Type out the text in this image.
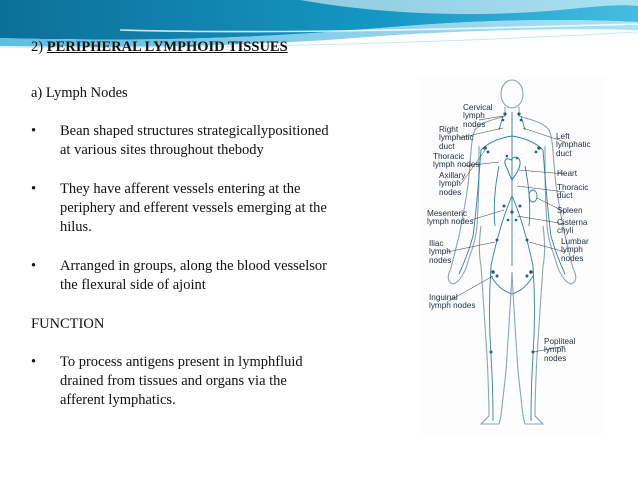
2) PERIPHERAL LYMPHOID TISSUES
a) Lymph Nodes
• Bean shaped structures strategicallypositioned
at various sites throughout thebody
• They have afferent vessels entering at the
periphery and efferent vessels emerging at the
hilus.
• Arranged in groups, along the blood vesselsor
the flexural side of ajoint
FUNCTION
• To process antigens present in lymphfluid
drained from tissues and organs via the
afferent lymphatics.
Cervical
lymph
nodes
Right
lymphatic
duct
Thoracic
lymph nodes
Axillary
lymph
nodes
Mesenteric
lymph nodes
Iliac
lymph
nodes
Inguinal
lymph nodes
Left
lymphatic
duct
Heart
Thoracic
duct
Spleen
Cisterna
chyli
Lumbar
lymph
nodes
Popliteal
lymph
nodes
